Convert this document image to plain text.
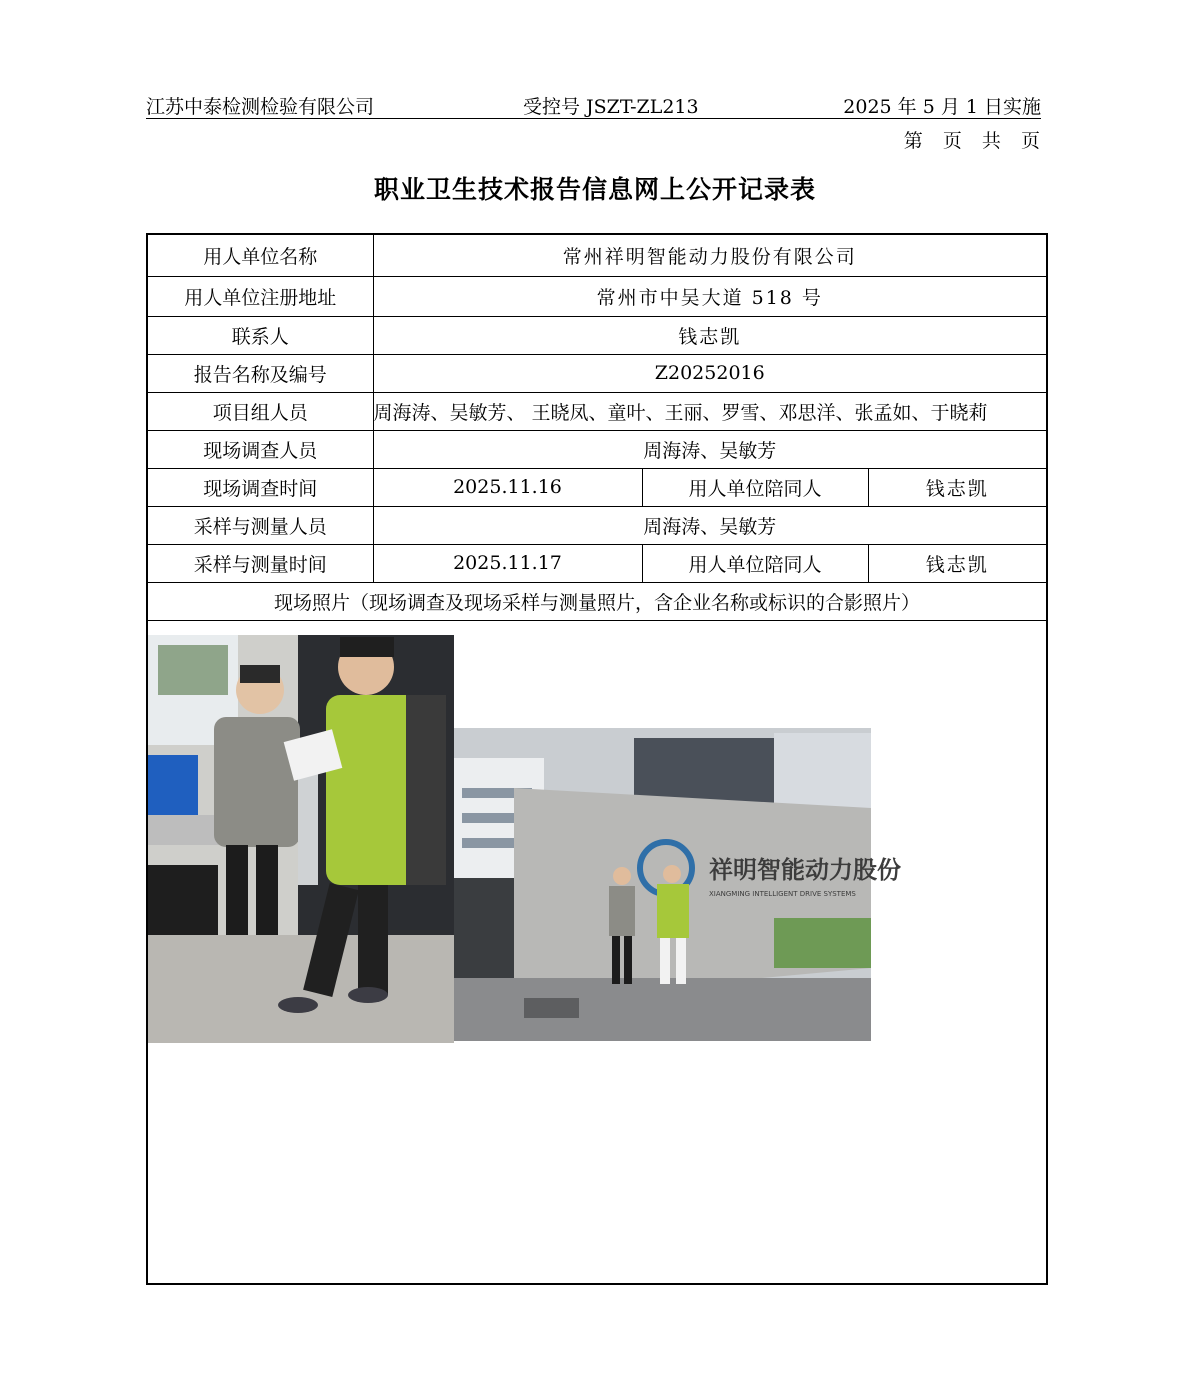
江苏中泰检测检验有限公司	受控号 JSZT-ZL213	2025 年 5 月 1 日实施
第 页 共 页
职业卫生技术报告信息网上公开记录表
用人单位名称	常州祥明智能动力股份有限公司		
用人单位注册地址	常州市中吴大道 518 号		
联系人	钱志凯		
报告名称及编号	Z20252016		
项目组人员	周海涛、吴敏芳、 王晓凤、童叶、王丽、罗雪、邓思洋、张孟如、于晓莉		
现场调查人员	周海涛、吴敏芳		
现场调查时间	2025.11.16	用人单位陪同人	钱志凯
采样与测量人员	周海涛、吴敏芳		
采样与测量时间	2025.11.17	用人单位陪同人	钱志凯
现场照片（现场调查及现场采样与测量照片，含企业名称或标识的合影照片）			

祥明智能动力股份
XIANGMING INTELLIGENT DRIVE SYSTEMS			
